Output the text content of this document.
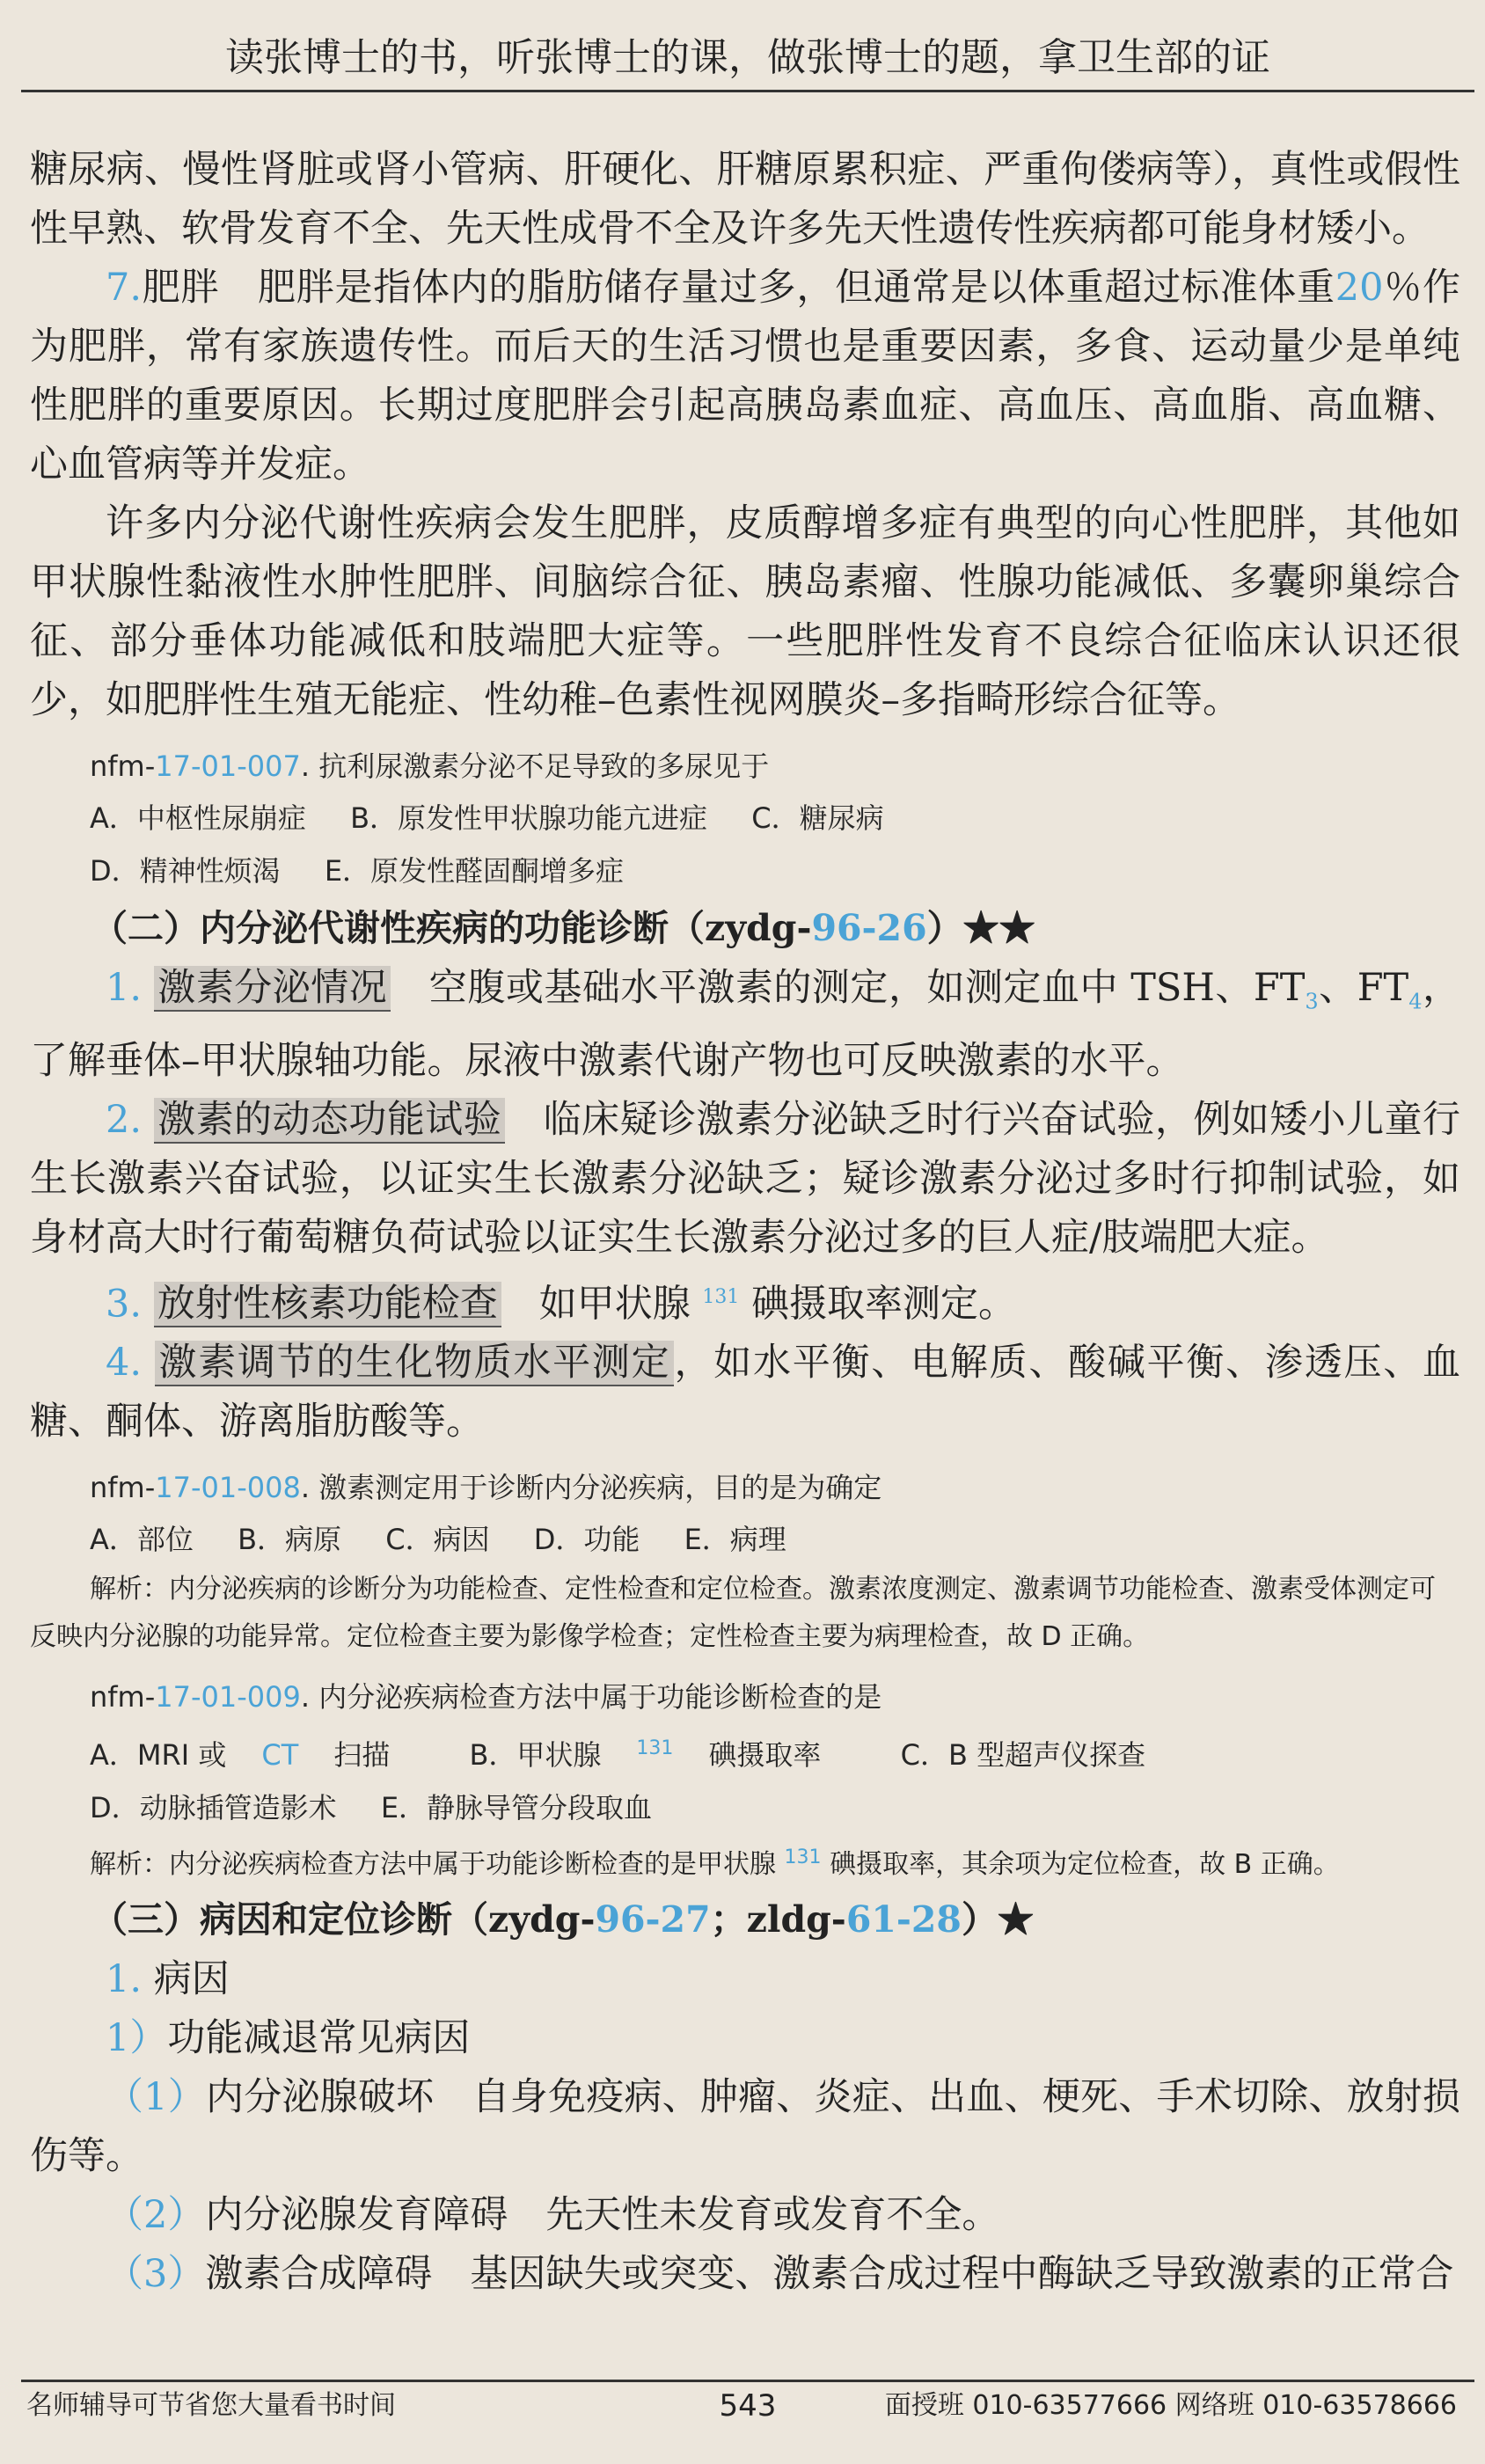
读张博士的书，听张博士的课，做张博士的题，拿卫生部的证

糖尿病、慢性肾脏或肾小管病、肝硬化、肝糖原累积症、严重佝偻病等），真性或假性性早熟、软骨发育不全、先天性成骨不全及许多先天性遗传性疾病都可能身材矮小。

7.肥胖　肥胖是指体内的脂肪储存量过多，但通常是以体重超过标准体重20％作为肥胖，常有家族遗传性。而后天的生活习惯也是重要因素，多食、运动量少是单纯性肥胖的重要原因。长期过度肥胖会引起高胰岛素血症、高血压、高血脂、高血糖、心血管病等并发症。

许多内分泌代谢性疾病会发生肥胖，皮质醇增多症有典型的向心性肥胖，其他如甲状腺性黏液性水肿性肥胖、间脑综合征、胰岛素瘤、性腺功能减低、多囊卵巢综合征、部分垂体功能减低和肢端肥大症等。一些肥胖性发育不良综合征临床认识还很少，如肥胖性生殖无能症、性幼稚–色素性视网膜炎–多指畸形综合征等。

nfm-17-01-007. 抗利尿激素分泌不足导致的多尿见于

A．中枢性尿崩症 B．原发性甲状腺功能亢进症 C．糖尿病

D．精神性烦渴 E．原发性醛固酮增多症

（二）内分泌代谢性疾病的功能诊断（zydg-96-26）★★

1. 激素分泌情况　空腹或基础水平激素的测定，如测定血中 TSH、$FT_3$、$FT_4$，了解垂体–甲状腺轴功能。尿液中激素代谢产物也可反映激素的水平。

2. 激素的动态功能试验　临床疑诊激素分泌缺乏时行兴奋试验，例如矮小儿童行生长激素兴奋试验，以证实生长激素分泌缺乏；疑诊激素分泌过多时行抑制试验，如身材高大时行葡萄糖负荷试验以证实生长激素分泌过多的巨人症/肢端肥大症。

3. 放射性核素功能检查　如甲状腺 $^{131}$ 碘摄取率测定。

4. 激素调节的生化物质水平测定，如水平衡、电解质、酸碱平衡、渗透压、血糖、酮体、游离脂肪酸等。

nfm-17-01-008. 激素测定用于诊断内分泌疾病，目的是为确定

A．部位 B．病原 C．病因 D．功能 E．病理

解析：内分泌疾病的诊断分为功能检查、定性检查和定位检查。激素浓度测定、激素调节功能检查、激素受体测定可反映内分泌腺的功能异常。定位检查主要为影像学检查；定性检查主要为病理检查，故 D 正确。

nfm-17-01-009. 内分泌疾病检查方法中属于功能诊断检查的是

A．MRI 或CT扫描	B．甲状腺131碘摄取率	C．B 型超声仪探查

D．动脉插管造影术 E．静脉导管分段取血

解析：内分泌疾病检查方法中属于功能诊断检查的是甲状腺 $^{131}$ 碘摄取率，其余项为定位检查，故 B 正确。

（三）病因和定位诊断（zydg-96-27；zldg-61-28）★

1. 病因

1）功能减退常见病因

（1）内分泌腺破坏　自身免疫病、肿瘤、炎症、出血、梗死、手术切除、放射损伤等。

（2）内分泌腺发育障碍　先天性未发育或发育不全。

（3）激素合成障碍　基因缺失或突变、激素合成过程中酶缺乏导致激素的正常合

名师辅导可节省您大量看书时间	543	面授班 010-63577666 网络班 010-63578666
